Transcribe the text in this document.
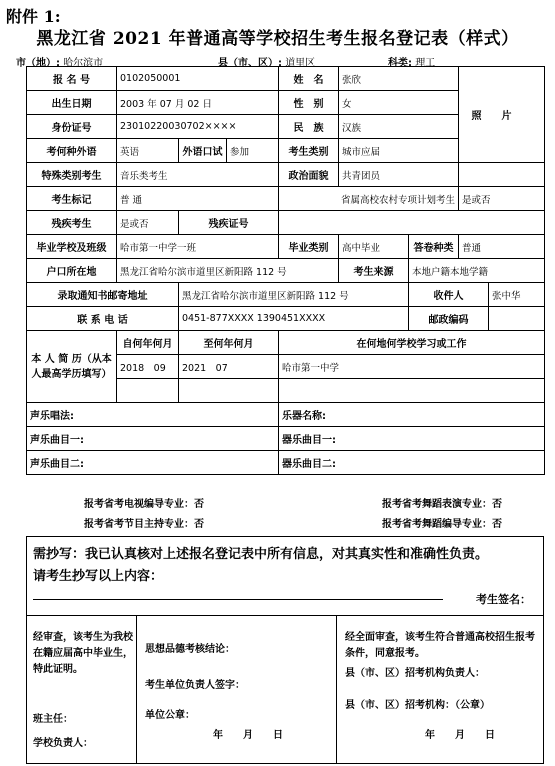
附件 1:
黑龙江省 2021 年普通高等学校招生考生报名登记表（样式）
市（地）: 哈尔滨市	县（市、区）: 道里区	科类: 理工
报 名 号	0102050001			姓　名	张欣		照片	
出生日期	2003 年 07 月 02 日			性　别	女			
身份证号	23010220030702××××			民　族	汉族			
考何种外语	英语	外语口试	参加	考生类别	城市应届			
特殊类别考生	音乐类考生			政治面貌	共青团员			
考生标记	普 通			省属高校农村专项计划考生			是或否	
残疾考生	是或否	残疾证号						
毕业学校及班级	哈市第一中学一班			毕业类别	高中毕业	答卷种类	普通	
户口所在地	黑龙江省哈尔滨市道里区新阳路 112 号				考生来源	本地户籍本地学籍		
录取通知书邮寄地址		黑龙江省哈尔滨市道里区新阳路 112 号				收件人		张中华
联 系 电 话		0451-877XXXX 1390451XXXX				邮政编码		
本 人 简 历（从本人最高学历填写）	自何年何月	至何年何月		在何地何学校学习或工作				
	2018　09	2021　07		哈市第一中学				

声乐唱法:				乐器名称:				
声乐曲目一:				器乐曲目一:				
声乐曲目二:				器乐曲目二:				
报考省考电视编导专业：否	报考省考舞蹈表演专业：否
报考省考节目主持专业：否	报考省考舞蹈编导专业：否
需抄写：我已认真核对上述报名登记表中所有信息，对其真实性和准确性负责。
请考生抄写以上内容：
考生签名：

经审查，该考生为我校在籍应届高中毕业生，特此证明。

班主任：

学校负责人：

思想品德考核结论：

考生单位负责人签字：

单位公章：

年　　月　　日

经全面审查，该考生符合普通高校招生报考条件，同意报考。

县（市、区）招考机构负责人：

县（市、区）招考机构：（公章）

年　　月　　日
